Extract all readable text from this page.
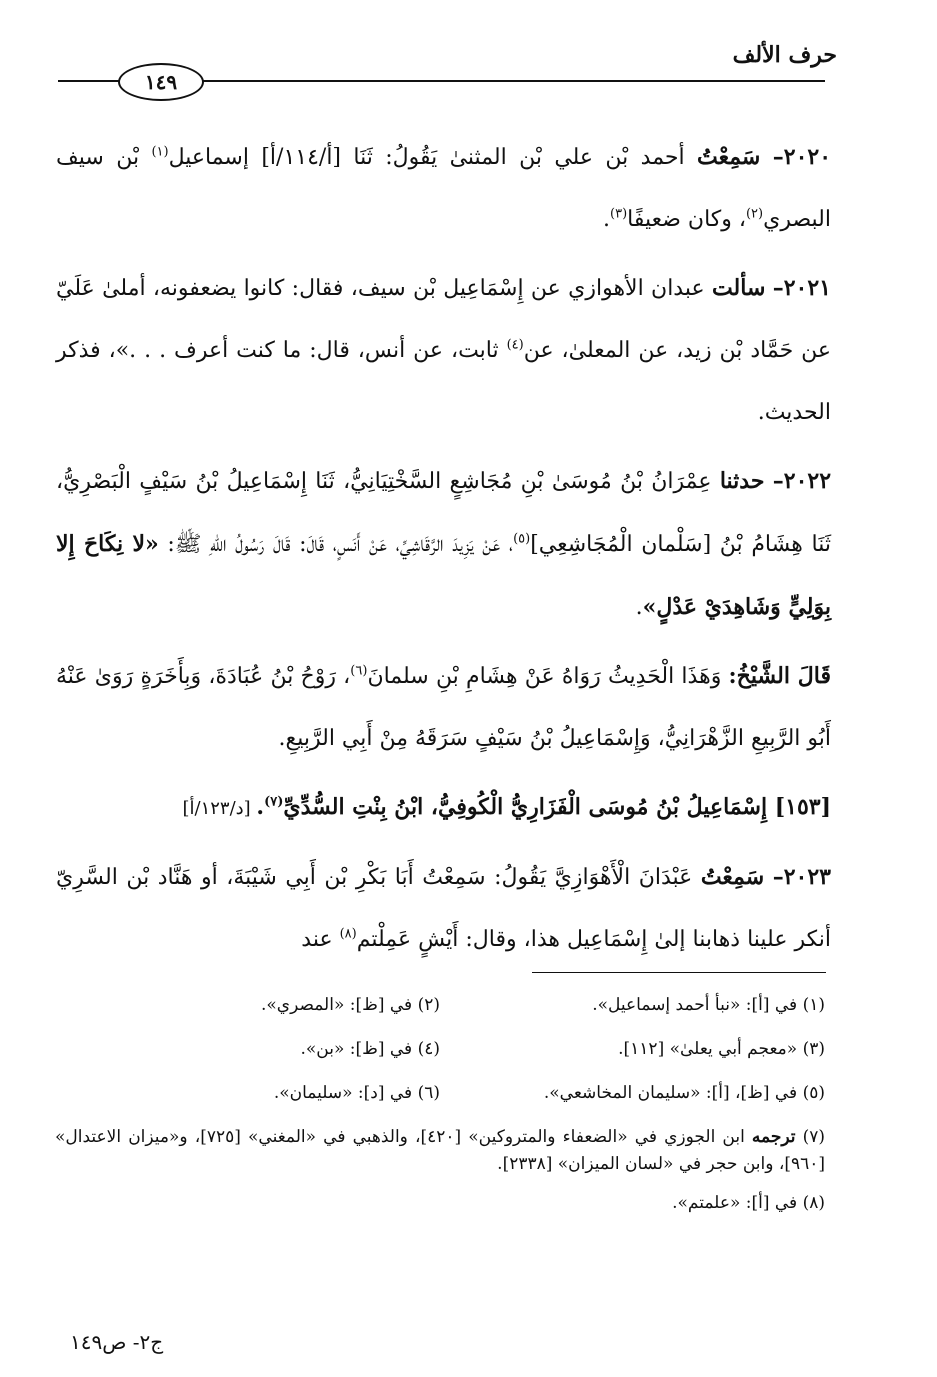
حرف الألف
١٤٩

٢٠٢٠– سَمِعْتُ أحمد بْن علي بْن المثنىٰ يَقُولُ: ثَنَا [أ/١١٤/أ] إسماعيل$^{(١)}$ بْن سيف البصري$^{(٢)}$، وكان ضعيفًا$^{(٣)}$.

٢٠٢١– سألت عبدان الأهوازي عن إِسْمَاعِيل بْن سيف، فقال: كانوا يضعفونه، أملىٰ عَلَيّ عن حَمَّاد بْن زيد، عن المعلىٰ، عن$^{(٤)}$ ثابت، عن أنس، قال: ما كنت أعرف . . .»، فذكر الحديث.

٢٠٢٢– حدثنا عِمْرَانُ بْنُ مُوسَىٰ بْنِ مُجَاشِعٍ السَّخْتِيَانِيُّ، ثَنَا إِسْمَاعِيلُ بْنُ سَيْفٍ الْبَصْرِيُّ، ثَنَا هِشَامُ بْنُ [سَلْمان الْمُجَاشِعِي]$^{(٥)}$، عَنْ يَزِيدَ الرَّقَاشِيِّ، عَنْ أَنَسٍ، قَالَ: قَالَ رَسُولُ اللهِ ﷺ: «لا نِكَاحَ إِلا بِوَلِيٍّ وَشَاهِدَيْ عَدْلٍ».

قَالَ الشَّيْخُ: وَهَذَا الْحَدِيثُ رَوَاهُ عَنْ هِشَامِ بْنِ سلمانَ$^{(٦)}$، رَوْحُ بْنُ عُبَادَةَ، وَبِأَخَرَةٍ رَوَىٰ عَنْهُ أَبُو الرَّبِيعِ الزَّهْرَانِيُّ، وَإِسْمَاعِيلُ بْنُ سَيْفٍ سَرَقَهُ مِنْ أَبِي الرَّبِيعِ.

[١٥٣] إِسْمَاعِيلُ بْنُ مُوسَى الْفَزَارِيُّ الْكُوفِيُّ، ابْنُ بِنْتِ السُّدِّيِّ$^{(٧)}$. [د/١٢٣/أ]

٢٠٢٣– سَمِعْتُ عَبْدَانَ الْأَهْوَازِيَّ يَقُولُ: سَمِعْتُ أَبَا بَكْرِ بْن أَبِي شَيْبَةَ، أو هَنَّاد بْن السَّرِيّ أنكر علينا ذهابنا إلىٰ إِسْمَاعِيل هذا، وقال: أَيْشٍ عَمِلْتم$^{(٨)}$ عند

(١) في [أ]: «نبأ أحمد إسماعيل».
(٢) في [ظ]: «المصري».
(٣) «معجم أبي يعلىٰ» [١١٢].
(٤) في [ظ]: «بن».
(٥) في [ظ]، [أ]: «سليمان المخاشعي».
(٦) في [د]: «سليمان».
(٧) ترجمه ابن الجوزي في «الضعفاء والمتروكين» [٤٢٠]، والذهبي في «المغني» [٧٢٥]، و«ميزان الاعتدال» [٩٦٠]، وابن حجر في «لسان الميزان» [٢٣٣٨].
(٨) في [أ]: «علمتم».
ج٢- ص١٤٩
